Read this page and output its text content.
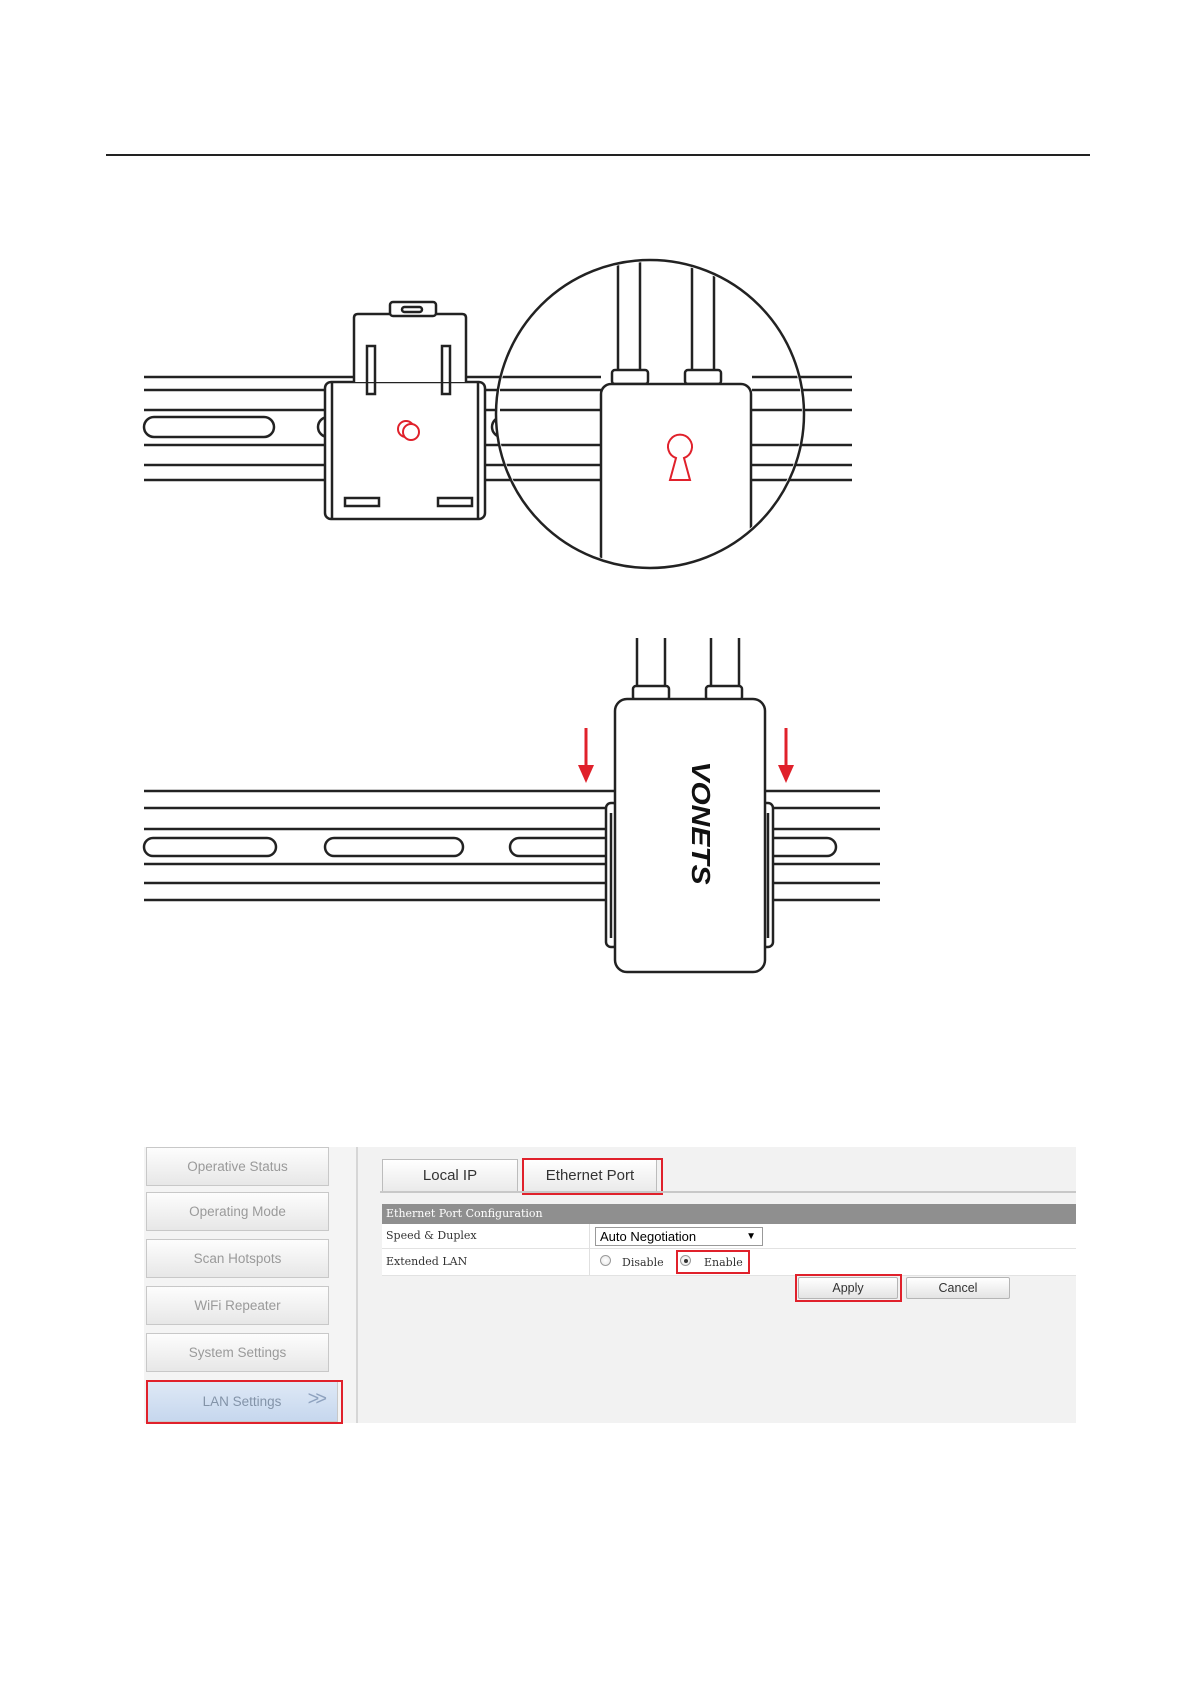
VONETS
Operative Status
Operating Mode
Scan Hotspots
WiFi Repeater
System Settings
LAN Settings >>
Local IP	Ethernet Port
Ethernet Port Configuration
Speed & Duplex	Auto Negotiation	▼
Extended LAN	Disable	Enable
Apply	Cancel
